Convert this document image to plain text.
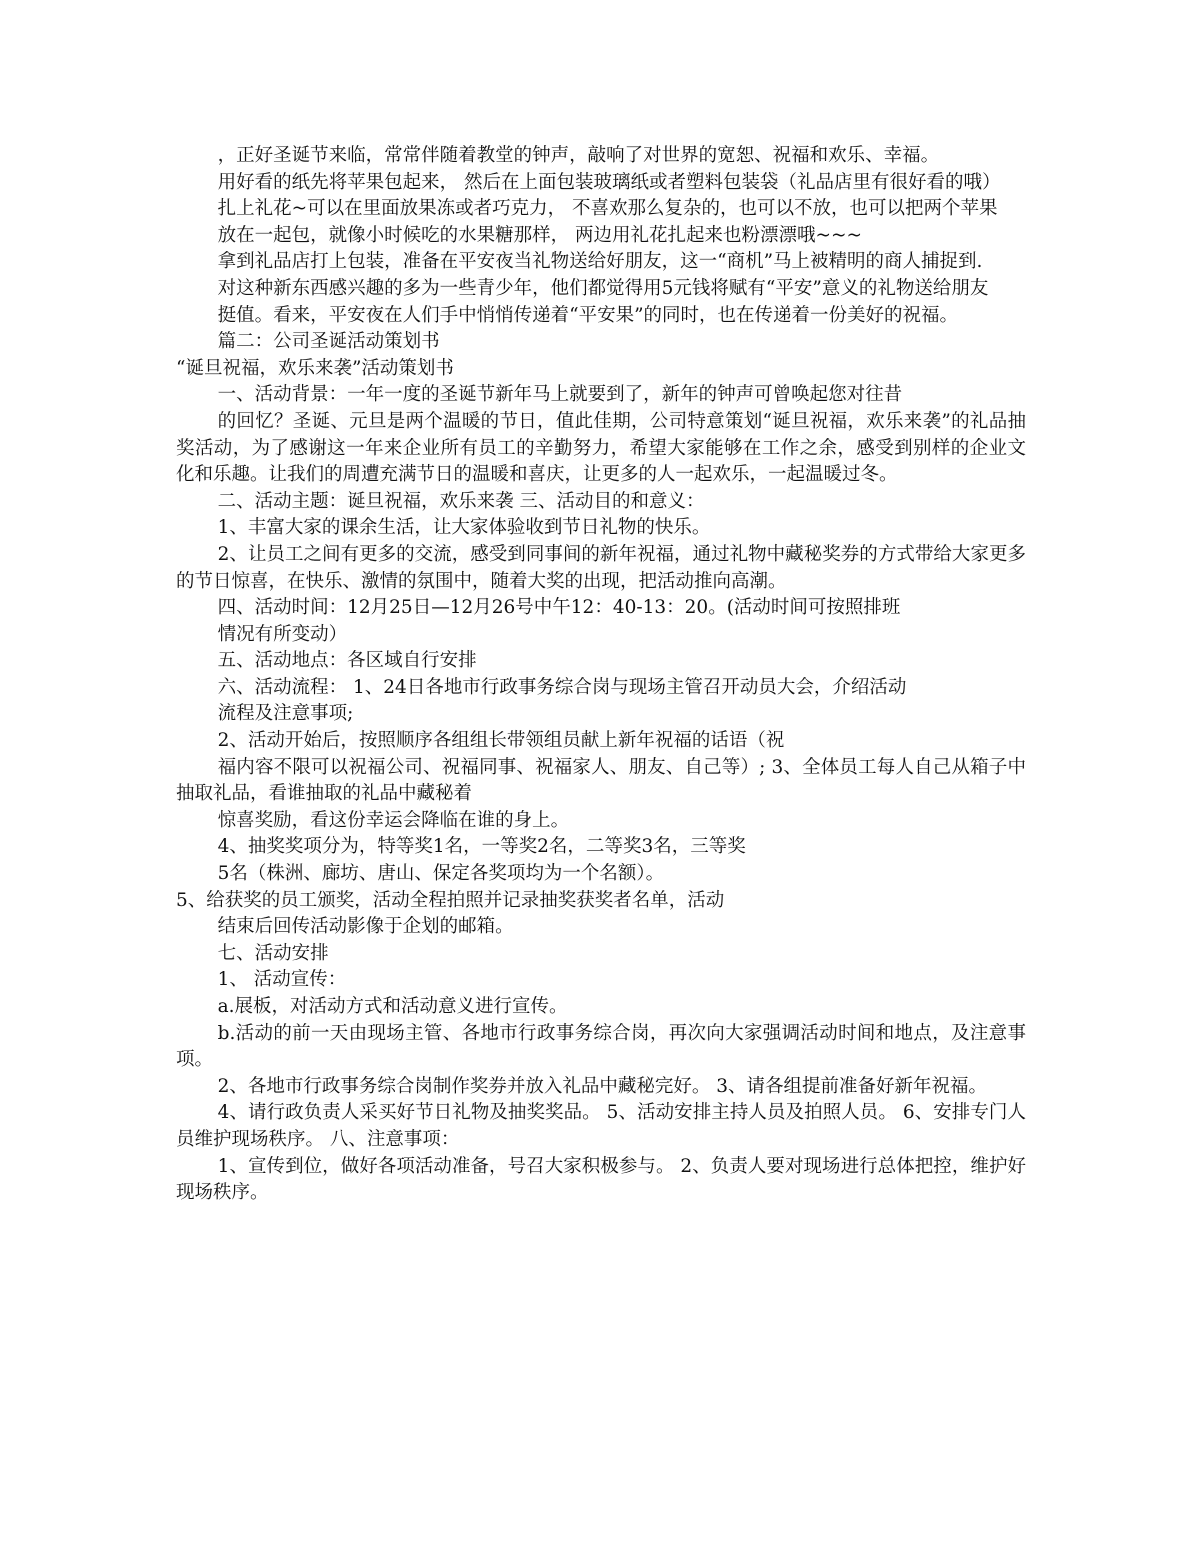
，正好圣诞节来临，常常伴随着教堂的钟声，敲响了对世界的宽恕、祝福和欢乐、幸福。

用好看的纸先将苹果包起来， 然后在上面包装玻璃纸或者塑料包装袋（礼品店里有很好看的哦）

扎上礼花~可以在里面放果冻或者巧克力， 不喜欢那么复杂的，也可以不放，也可以把两个苹果

放在一起包，就像小时候吃的水果糖那样， 两边用礼花扎起来也粉漂漂哦~~~

拿到礼品店打上包装，准备在平安夜当礼物送给好朋友，这一“商机”马上被精明的商人捕捉到.

对这种新东西感兴趣的多为一些青少年，他们都觉得用5元钱将赋有“平安”意义的礼物送给朋友

挺值。看来，平安夜在人们手中悄悄传递着“平安果”的同时，也在传递着一份美好的祝福。

篇二：公司圣诞活动策划书

“诞旦祝福，欢乐来袭”活动策划书

一、活动背景：一年一度的圣诞节新年马上就要到了，新年的钟声可曾唤起您对往昔

的回忆？圣诞、元旦是两个温暖的节日，值此佳期，公司特意策划“诞旦祝福，欢乐来袭”的礼品抽奖活动，为了感谢这一年来企业所有员工的辛勤努力，希望大家能够在工作之余，感受到别样的企业文化和乐趣。让我们的周遭充满节日的温暖和喜庆，让更多的人一起欢乐，一起温暖过冬。

二、活动主题：诞旦祝福，欢乐来袭 三、活动目的和意义：

1、丰富大家的课余生活，让大家体验收到节日礼物的快乐。

2、让员工之间有更多的交流，感受到同事间的新年祝福，通过礼物中藏秘奖券的方式带给大家更多的节日惊喜，在快乐、激情的氛围中，随着大奖的出现，把活动推向高潮。

四、活动时间：12月25日—12月26号中午12：40-13：20。(活动时间可按照排班

情况有所变动）

五、活动地点：各区域自行安排

六、活动流程： 1、24日各地市行政事务综合岗与现场主管召开动员大会，介绍活动

流程及注意事项;

2、活动开始后，按照顺序各组组长带领组员献上新年祝福的话语（祝

福内容不限可以祝福公司、祝福同事、祝福家人、朋友、自己等）; 3、全体员工每人自己从箱子中抽取礼品，看谁抽取的礼品中藏秘着

惊喜奖励，看这份幸运会降临在谁的身上。

4、抽奖奖项分为，特等奖1名，一等奖2名，二等奖3名，三等奖

5名（株洲、廊坊、唐山、保定各奖项均为一个名额）。

5、给获奖的员工颁奖，活动全程拍照并记录抽奖获奖者名单，活动

结束后回传活动影像于企划的邮箱。

七、活动安排

1、 活动宣传：

a.展板，对活动方式和活动意义进行宣传。

b.活动的前一天由现场主管、各地市行政事务综合岗，再次向大家强调活动时间和地点，及注意事项。

2、各地市行政事务综合岗制作奖券并放入礼品中藏秘完好。 3、请各组提前准备好新年祝福。

4、请行政负责人采买好节日礼物及抽奖奖品。 5、活动安排主持人员及拍照人员。 6、安排专门人员维护现场秩序。 八、注意事项：

1、宣传到位，做好各项活动准备，号召大家积极参与。 2、负责人要对现场进行总体把控，维护好现场秩序。
